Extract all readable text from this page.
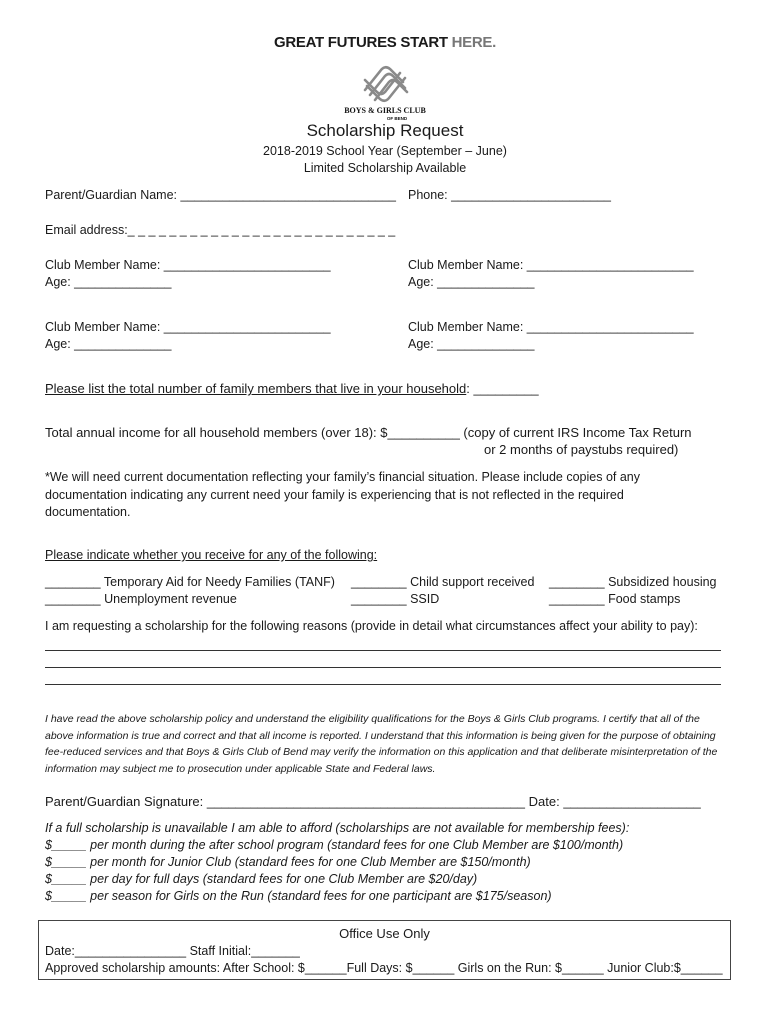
GREAT FUTURES START HERE.
BOYS & GIRLS CLUB
OF BEND
Scholarship Request
2018-2019 School Year (September – June)
Limited Scholarship Available
Parent/Guardian Name: _______________________________ Phone: _______________________
Email address:_ _ _ _ _ _ _ _ _ _ _ _ _ _ _ _ _ _ _ _ _ _ _ _ _ _
Club Member Name: ________________________
Age: ______________
Club Member Name: ________________________
Age: ______________
Club Member Name: ________________________
Age: ______________
Club Member Name: ________________________
Age: ______________
Please list the total number of family members that live in your household: _________
Total annual income for all household members (over 18): $__________ (copy of current IRS Income Tax Return
or 2 months of paystubs required)
*We will need current documentation reflecting your family’s financial situation. Please include copies of any documentation indicating any current need your family is experiencing that is not reflected in the required documentation.
Please indicate whether you receive for any of the following:
________ Temporary Aid for Needy Families (TANF) ________ Child support received ________ Subsidized housing
________ Unemployment revenue	________ SSID	________ Food stamps
I am requesting a scholarship for the following reasons (provide in detail what circumstances affect your ability to pay):
I have read the above scholarship policy and understand the eligibility qualifications for the Boys & Girls Club programs. I certify that all of the above information is true and correct and that all income is reported. I understand that this information is being given for the purpose of obtaining fee-reduced services and that Boys & Girls Club of Bend may verify the information on this application and that deliberate misinterpretation of the information may subject me to prosecution under applicable State and Federal laws.
Parent/Guardian Signature: ____________________________________________ Date: ___________________
If a full scholarship is unavailable I am able to afford (scholarships are not available for membership fees):
$_____ per month during the after school program (standard fees for one Club Member are $100/month)
$_____ per month for Junior Club (standard fees for one Club Member are $150/month)
$_____ per day for full days (standard fees for one Club Member are $20/day)
$_____ per season for Girls on the Run (standard fees for one participant are $175/season)
Office Use Only
Date:________________ Staff Initial:_______
Approved scholarship amounts: After School: $______Full Days: $______ Girls on the Run: $______ Junior Club:$______
